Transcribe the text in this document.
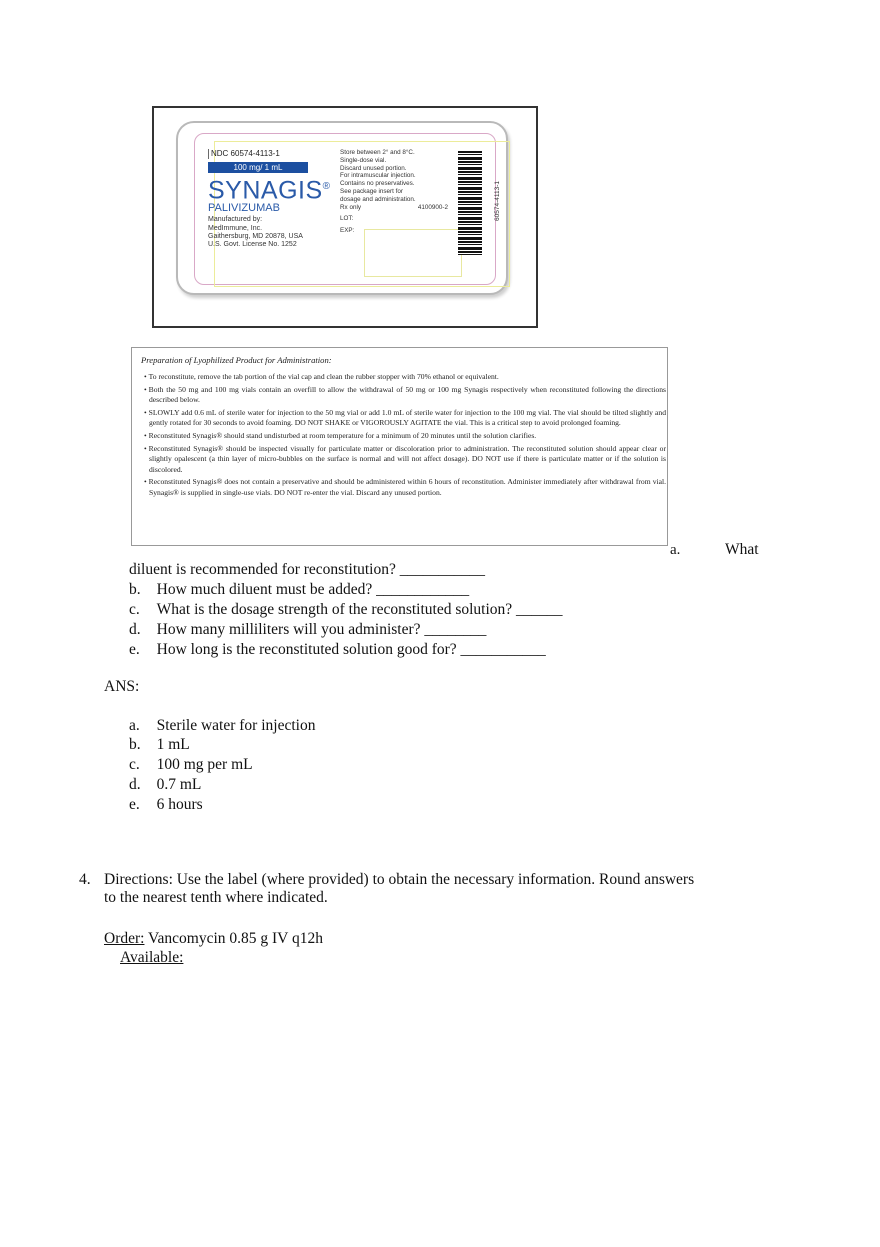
NDC 60574-4113-1
100 mg/ 1 mL
SYNAGIS®
PALIVIZUMAB
Manufactured by:
MedImmune, Inc.
Gaithersburg, MD 20878, USA
U.S. Govt. License No. 1252
Store between 2° and 8°C.
Single-dose vial.
Discard unused portion.
For intramuscular injection.
Contains no preservatives.
See package insert for
dosage and administration.
Rx only	4100900-2
LOT:
EXP:
60574-4113-1
Preparation of Lyophilized Product for Administration:
• To reconstitute, remove the tab portion of the vial cap and clean the rubber stopper with 70% ethanol or equivalent.
• Both the 50 mg and 100 mg vials contain an overfill to allow the withdrawal of 50 mg or 100 mg Synagis respectively when reconstituted following the directions described below.
• SLOWLY add 0.6 mL of sterile water for injection to the 50 mg vial or add 1.0 mL of sterile water for injection to the 100 mg vial. The vial should be tilted slightly and gently rotated for 30 seconds to avoid foaming. DO NOT SHAKE or VIGOROUSLY AGITATE the vial. This is a critical step to avoid prolonged foaming.
• Reconstituted Synagis® should stand undisturbed at room temperature for a minimum of 20 minutes until the solution clarifies.
• Reconstituted Synagis® should be inspected visually for particulate matter or discoloration prior to administration. The reconstituted solution should appear clear or slightly opalescent (a thin layer of micro-bubbles on the surface is normal and will not affect dosage). DO NOT use if there is particulate matter or if the solution is discolored.
• Reconstituted Synagis® does not contain a preservative and should be administered within 6 hours of reconstitution. Administer immediately after withdrawal from vial. Synagis® is supplied in single-use vials. DO NOT re-enter the vial. Discard any unused portion.
a.	What
diluent is recommended for reconstitution? ___________
b. How much diluent must be added? ____________
c. What is the dosage strength of the reconstituted solution? ______
d. How many milliliters will you administer? ________
e. How long is the reconstituted solution good for? ___________
ANS:
a. Sterile water for injection
b. 1 mL
c. 100 mg per mL
d. 0.7 mL
e. 6 hours
4. Directions: Use the label (where provided) to obtain the necessary information. Round answers
to the nearest tenth where indicated.
Order: Vancomycin 0.85 g IV q12h
Available:
